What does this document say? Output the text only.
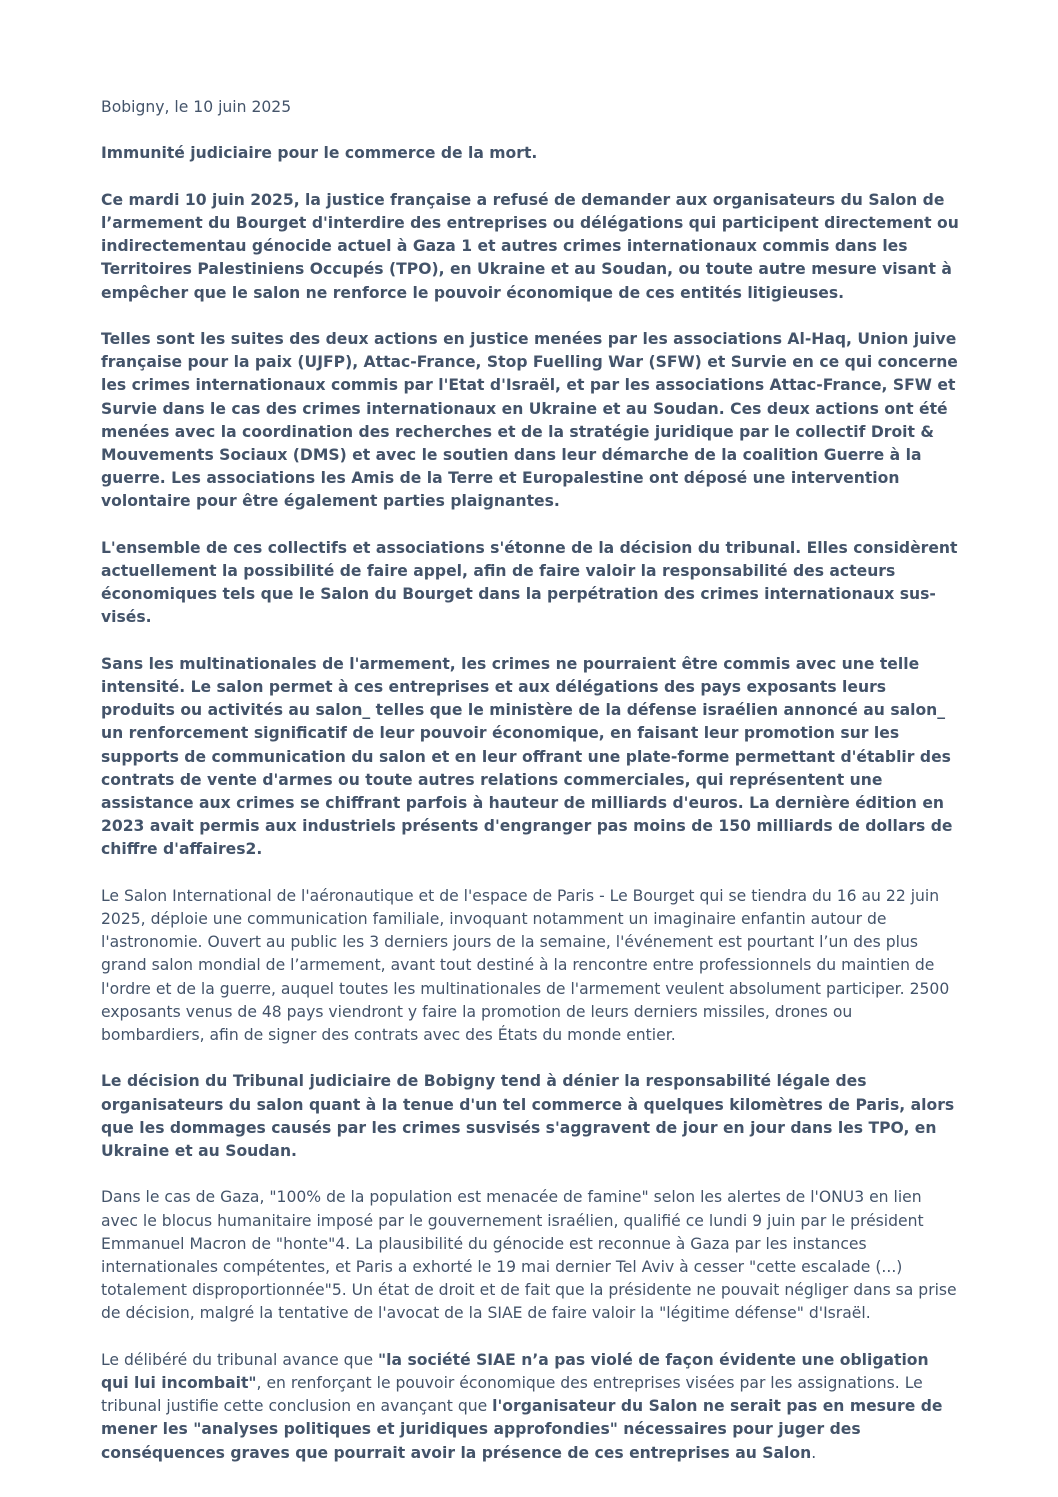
Bobigny, le 10 juin 2025

Immunité judiciaire pour le commerce de la mort.

Ce mardi 10 juin 2025, la justice française a refusé de demander aux organisateurs du Salon de l’armement du Bourget d'interdire des entreprises ou délégations qui participent directement ou indirectementau génocide actuel à Gaza 1 et autres crimes internationaux commis dans les Territoires Palestiniens Occupés (TPO), en Ukraine et au Soudan, ou toute autre mesure visant à empêcher que le salon ne renforce le pouvoir économique de ces entités litigieuses.

Telles sont les suites des deux actions en justice menées par les associations Al-Haq, Union juive française pour la paix (UJFP), Attac-France, Stop Fuelling War (SFW) et Survie en ce qui concerne les crimes internationaux commis par l'Etat d'Israël, et par les associations Attac-France, SFW et Survie dans le cas des crimes internationaux en Ukraine et au Soudan. Ces deux actions ont été menées avec la coordination des recherches et de la stratégie juridique par le collectif Droit & Mouvements Sociaux (DMS) et avec le soutien dans leur démarche de la coalition Guerre à la guerre. Les associations les Amis de la Terre et Europalestine ont déposé une intervention volontaire pour être également parties plaignantes.

L'ensemble de ces collectifs et associations s'étonne de la décision du tribunal. Elles considèrent actuellement la possibilité de faire appel, afin de faire valoir la responsabilité des acteurs économiques tels que le Salon du Bourget dans la perpétration des crimes internationaux sus-visés.

Sans les multinationales de l'armement, les crimes ne pourraient être commis avec une telle intensité. Le salon permet à ces entreprises et aux délégations des pays exposants leurs produits ou activités au salon_ telles que le ministère de la défense israélien annoncé au salon_ un renforcement significatif de leur pouvoir économique, en faisant leur promotion sur les supports de communication du salon et en leur offrant une plate-forme permettant d'établir des contrats de vente d'armes ou toute autres relations commerciales, qui représentent une assistance aux crimes se chiffrant parfois à hauteur de milliards d'euros. La dernière édition en 2023 avait permis aux industriels présents d'engranger pas moins de 150 milliards de dollars de chiffre d'affaires2.

Le Salon International de l'aéronautique et de l'espace de Paris - Le Bourget qui se tiendra du 16 au 22 juin 2025, déploie une communication familiale, invoquant notamment un imaginaire enfantin autour de l'astronomie. Ouvert au public les 3 derniers jours de la semaine, l'événement est pourtant l’un des plus grand salon mondial de l’armement, avant tout destiné à la rencontre entre professionnels du maintien de l'ordre et de la guerre, auquel toutes les multinationales de l'armement veulent absolument participer. 2500 exposants venus de 48 pays viendront y faire la promotion de leurs derniers missiles, drones ou bombardiers, afin de signer des contrats avec des États du monde entier.

Le décision du Tribunal judiciaire de Bobigny tend à dénier la responsabilité légale des organisateurs du salon quant à la tenue d'un tel commerce à quelques kilomètres de Paris, alors que les dommages causés par les crimes susvisés s'aggravent de jour en jour dans les TPO, en Ukraine et au Soudan.

Dans le cas de Gaza, "100% de la population est menacée de famine" selon les alertes de l'ONU3 en lien avec le blocus humanitaire imposé par le gouvernement israélien, qualifié ce lundi 9 juin par le président Emmanuel Macron de "honte"4. La plausibilité du génocide est reconnue à Gaza par les instances internationales compétentes, et Paris a exhorté le 19 mai dernier Tel Aviv à cesser "cette escalade (...) totalement disproportionnée"5. Un état de droit et de fait que la présidente ne pouvait négliger dans sa prise de décision, malgré la tentative de l'avocat de la SIAE de faire valoir la "légitime défense" d'Israël.

Le délibéré du tribunal avance que "la société SIAE n’a pas violé de façon évidente une obligation qui lui incombait", en renforçant le pouvoir économique des entreprises visées par les assignations. Le tribunal justifie cette conclusion en avançant que l'organisateur du Salon ne serait pas en mesure de mener les "analyses politiques et juridiques approfondies" nécessaires pour juger des conséquences graves que pourrait avoir la présence de ces entreprises au Salon.
